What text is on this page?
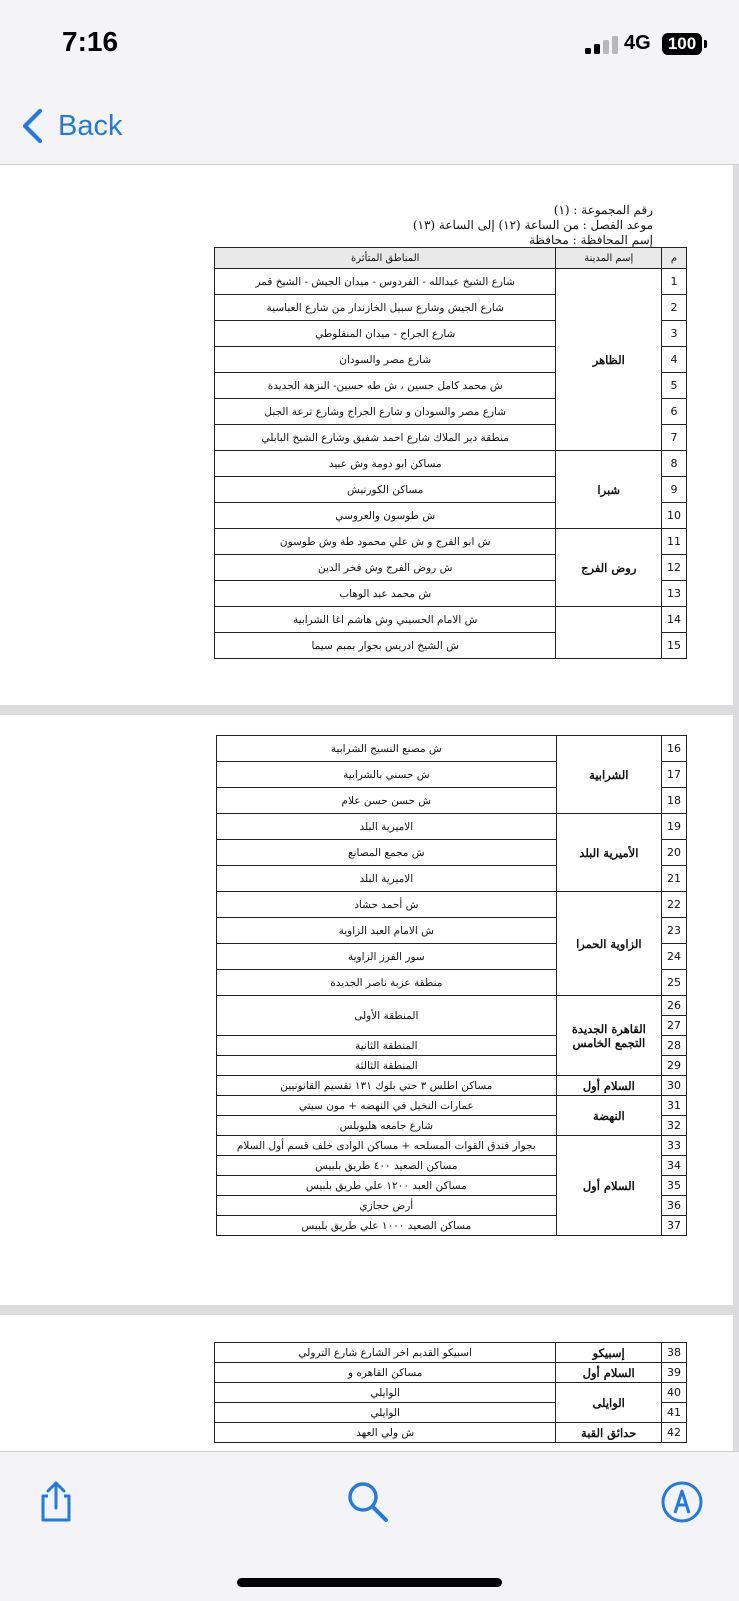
7:16	4G	100
Back
رقم المجموعة : (١)
موعد الفصل : من الساعة (١٢) إلى الساعة (١٣)
إسم المحافظة : محافظة
المناطق المتأثرة	إسم المدينة	م
شارع الشيخ عبدالله - الفردوس - ميدان الجيش - الشيخ قمر	الظاهر	1
شارع الجيش وشارع سبيل الخازندار من شارع العباسية		2
شارع الجراح - ميدان المنفلوطي		3
شارع مصر والسودان		4
ش محمد كامل حسين ، ش طه حسين- النزهة الجديدة		5
شارع مصر والسودان و شارع الجراج وشارع ترعة الجبل		6
منطقة دير الملاك شارع احمد شفيق وشارع الشيخ البابلي		7
مساكن ابو دومة وش عبيد	شبرا	8
مساكن الكورنيش		9
ش طوسون والعروسي		10
ش ابو الفرج و ش علي محمود طة وش طوسون	روض الفرج	11
ش روض الفرج وش فخر الدين		12
ش محمد عبد الوهاب		13
ش الامام الحسيني وش هاشم اغا الشرابية		14
ش الشيخ ادريس بجوار بمبم سيما		15
ش مصنع النسيج الشرابية	الشرابية	16
ش حسني بالشرابية		17
ش حسن حسن علام		18
الاميرية البلد	الأميرية البلد	19
ش مجمع المصانع		20
الاميرية البلد		21
ش أحمد حشاد	الزاوية الحمرا	22
ش الامام العبد الزاوية		23
سور الفرز الزاوية		24
منطقة عزبة ناصر الجديدة		25
المنطقة الأولى	القاهرة الجديدة التجمع الخامس	26
		27
المنطقة الثانية		28
المنطقة الثالثة		29
مساكن اطلس ٣ حتي بلوك ١٣١ تقسيم القانونيين	السلام أول	30
عمارات النخيل في النهضه + مون سيتي	النهضة	31
شارع جامعه هليوبلس		32
بجوار فندق القوات المسلحه + مساكن الوادى خلف قسم أول السلام	السلام أول	33
مساكن الصعيد ٤٠٠ طريق بلبيس		34
مساكن العبد ١٢٠٠ علي طريق بلبيس		35
أرض حجازي		36
مساكن الصعيد ١٠٠٠ علي طريق بلبيس		37
اسبيكو القديم اخر الشارع شارع الترولي	إسبيكو	38
مساكن القاهره و	السلام أول	39
الوايلي	الوايلى	40
الوايلي		41
ش ولي العهد	حدائق القبة	42
